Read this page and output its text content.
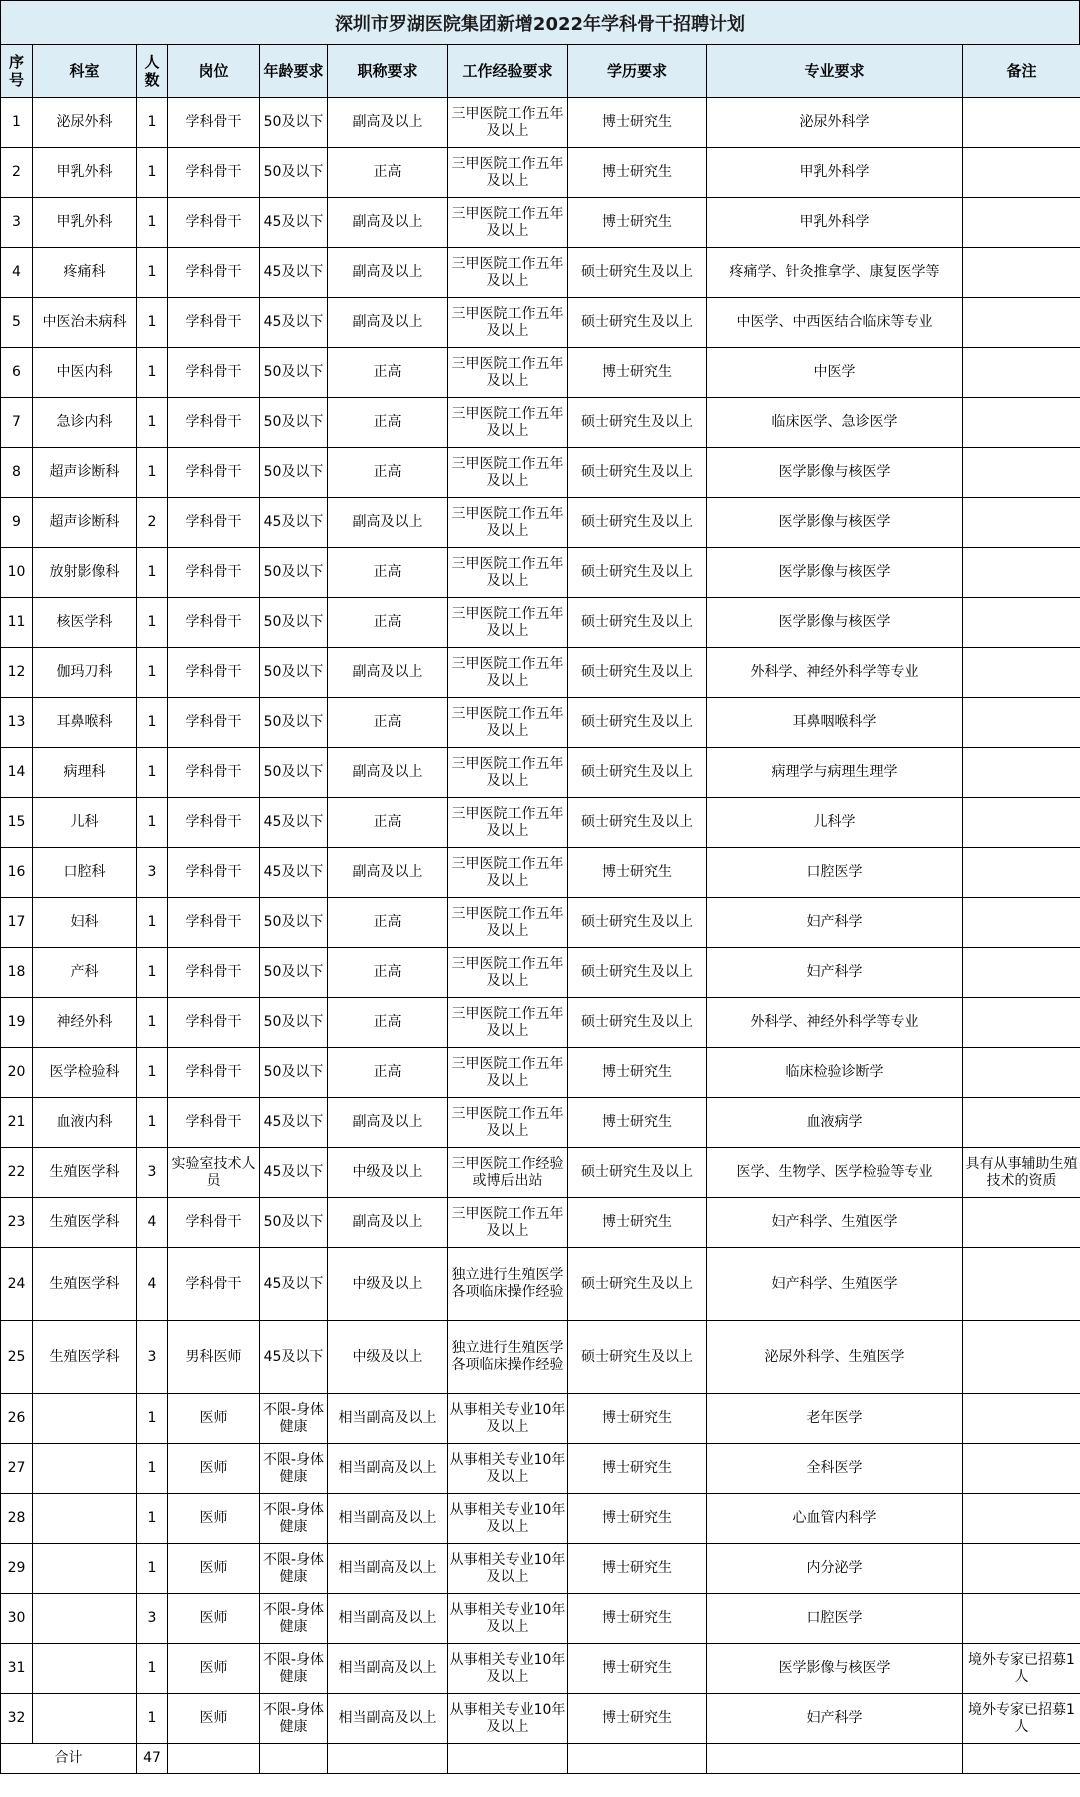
深圳市罗湖医院集团新增2022年学科骨干招聘计划
序号	科室	人数	岗位	年龄要求	职称要求	工作经验要求	学历要求	专业要求	备注
1	泌尿外科	1	学科骨干	50及以下	副高及以上	三甲医院工作五年及以上	博士研究生	泌尿外科学	
2	甲乳外科	1	学科骨干	50及以下	正高	三甲医院工作五年及以上	博士研究生	甲乳外科学	
3	甲乳外科	1	学科骨干	45及以下	副高及以上	三甲医院工作五年及以上	博士研究生	甲乳外科学	
4	疼痛科	1	学科骨干	45及以下	副高及以上	三甲医院工作五年及以上	硕士研究生及以上	疼痛学、针灸推拿学、康复医学等	
5	中医治未病科	1	学科骨干	45及以下	副高及以上	三甲医院工作五年及以上	硕士研究生及以上	中医学、中西医结合临床等专业	
6	中医内科	1	学科骨干	50及以下	正高	三甲医院工作五年及以上	博士研究生	中医学	
7	急诊内科	1	学科骨干	50及以下	正高	三甲医院工作五年及以上	硕士研究生及以上	临床医学、急诊医学	
8	超声诊断科	1	学科骨干	50及以下	正高	三甲医院工作五年及以上	硕士研究生及以上	医学影像与核医学	
9	超声诊断科	2	学科骨干	45及以下	副高及以上	三甲医院工作五年及以上	硕士研究生及以上	医学影像与核医学	
10	放射影像科	1	学科骨干	50及以下	正高	三甲医院工作五年及以上	硕士研究生及以上	医学影像与核医学	
11	核医学科	1	学科骨干	50及以下	正高	三甲医院工作五年及以上	硕士研究生及以上	医学影像与核医学	
12	伽玛刀科	1	学科骨干	50及以下	副高及以上	三甲医院工作五年及以上	硕士研究生及以上	外科学、神经外科学等专业	
13	耳鼻喉科	1	学科骨干	50及以下	正高	三甲医院工作五年及以上	硕士研究生及以上	耳鼻咽喉科学	
14	病理科	1	学科骨干	50及以下	副高及以上	三甲医院工作五年及以上	硕士研究生及以上	病理学与病理生理学	
15	儿科	1	学科骨干	45及以下	正高	三甲医院工作五年及以上	硕士研究生及以上	儿科学	
16	口腔科	3	学科骨干	45及以下	副高及以上	三甲医院工作五年及以上	博士研究生	口腔医学	
17	妇科	1	学科骨干	50及以下	正高	三甲医院工作五年及以上	硕士研究生及以上	妇产科学	
18	产科	1	学科骨干	50及以下	正高	三甲医院工作五年及以上	硕士研究生及以上	妇产科学	
19	神经外科	1	学科骨干	50及以下	正高	三甲医院工作五年及以上	硕士研究生及以上	外科学、神经外科学等专业	
20	医学检验科	1	学科骨干	50及以下	正高	三甲医院工作五年及以上	博士研究生	临床检验诊断学	
21	血液内科	1	学科骨干	45及以下	副高及以上	三甲医院工作五年及以上	博士研究生	血液病学	
22	生殖医学科	3	实验室技术人员	45及以下	中级及以上	三甲医院工作经验或博后出站	硕士研究生及以上	医学、生物学、医学检验等专业	具有从事辅助生殖技术的资质
23	生殖医学科	4	学科骨干	50及以下	副高及以上	三甲医院工作五年及以上	博士研究生	妇产科学、生殖医学	
24	生殖医学科	4	学科骨干	45及以下	中级及以上	独立进行生殖医学各项临床操作经验	硕士研究生及以上	妇产科学、生殖医学	
25	生殖医学科	3	男科医师	45及以下	中级及以上	独立进行生殖医学各项临床操作经验	硕士研究生及以上	泌尿外科学、生殖医学	
26		1	医师	不限-身体健康	相当副高及以上	从事相关专业10年及以上	博士研究生	老年医学	
27		1	医师	不限-身体健康	相当副高及以上	从事相关专业10年及以上	博士研究生	全科医学	
28		1	医师	不限-身体健康	相当副高及以上	从事相关专业10年及以上	博士研究生	心血管内科学	
29		1	医师	不限-身体健康	相当副高及以上	从事相关专业10年及以上	博士研究生	内分泌学	
30		3	医师	不限-身体健康	相当副高及以上	从事相关专业10年及以上	博士研究生	口腔医学	
31		1	医师	不限-身体健康	相当副高及以上	从事相关专业10年及以上	博士研究生	医学影像与核医学	境外专家已招募1人
32		1	医师	不限-身体健康	相当副高及以上	从事相关专业10年及以上	博士研究生	妇产科学	境外专家已招募1人
合计		47							
